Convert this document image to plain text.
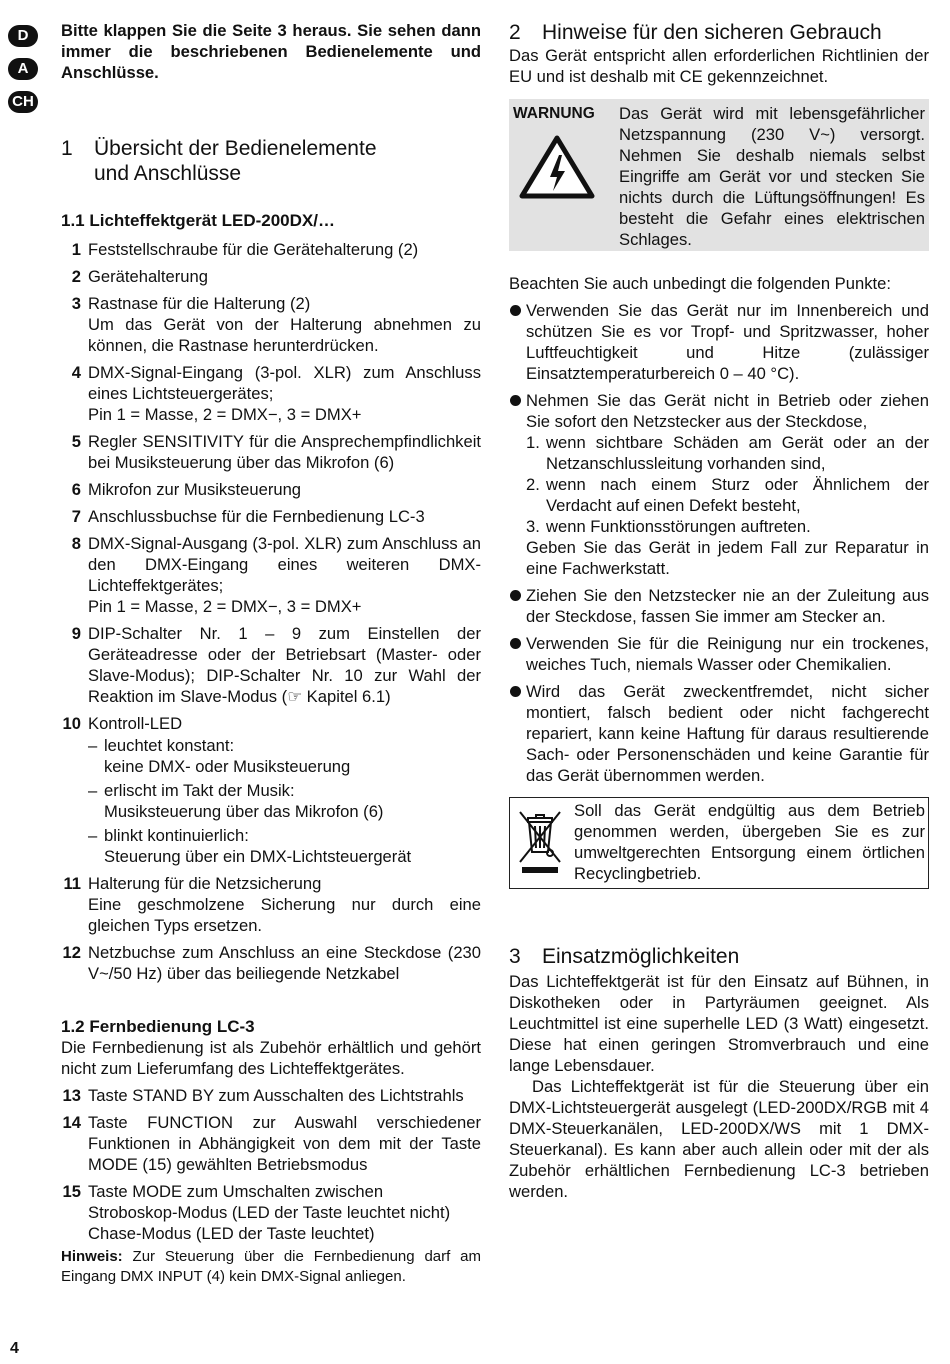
D
A
CH

Bitte klappen Sie die Seite 3 heraus. Sie sehen dann immer die beschriebenen Bedienelemente und Anschlüsse.

1 Übersicht der Bedienelemente
und Anschlüsse
1.1 Lichteffektgerät LED-200DX/…
1 Feststellschraube für die Gerätehalterung (2)

2 Gerätehalterung

3 Rastnase für die Halterung (2)

Um das Gerät von der Halterung abnehmen zu können, die Rastnase herunterdrücken.

4 DMX-Signal-Eingang (3-pol. XLR) zum Anschluss eines Lichtsteuergerätes;

Pin 1 = Masse, 2 = DMX−, 3 = DMX+

5 Regler SENSITIVITY für die Ansprechempfindlichkeit bei Musiksteuerung über das Mikrofon (6)

6 Mikrofon zur Musiksteuerung

7 Anschlussbuchse für die Fernbedienung LC-3

8 DMX-Signal-Ausgang (3-pol. XLR) zum Anschluss an den DMX-Eingang eines weiteren DMX-Lichteffektgerätes;

Pin 1 = Masse, 2 = DMX−, 3 = DMX+

9 DIP-Schalter Nr. 1 – 9 zum Einstellen der Geräteadresse oder der Betriebsart (Master- oder Slave-Modus); DIP-Schalter Nr. 10 zur Wahl der Reaktion im Slave-Modus (☞ Kapitel 6.1)

10 Kontroll-LED

– leuchtet konstant:

keine DMX- oder Musiksteuerung

– erlischt im Takt der Musik:

Musiksteuerung über das Mikrofon (6)

– blinkt kontinuierlich:

Steuerung über ein DMX-Lichtsteuergerät

11 Halterung für die Netzsicherung

Eine geschmolzene Sicherung nur durch eine gleichen Typs ersetzen.

12 Netzbuchse zum Anschluss an eine Steckdose (230 V~/50 Hz) über das beiliegende Netzkabel

1.2 Fernbedienung LC-3

Die Fernbedienung ist als Zubehör erhältlich und gehört nicht zum Lieferumfang des Lichteffektgerätes.

13 Taste STAND BY zum Ausschalten des Lichtstrahls

14 Taste FUNCTION zur Auswahl verschiedener Funktionen in Abhängigkeit von dem mit der Taste MODE (15) gewählten Betriebsmodus

15 Taste MODE zum Umschalten zwischen

Stroboskop-Modus (LED der Taste leuchtet nicht)

Chase-Modus (LED der Taste leuchtet)

Hinweis: Zur Steuerung über die Fernbedienung darf am Eingang DMX INPUT (4) kein DMX-Signal anliegen.

2 Hinweise für den sicheren Gebrauch

Das Gerät entspricht allen erforderlichen Richtlinien der EU und ist deshalb mit CE gekennzeichnet.

WARNUNG Das Gerät wird mit lebensgefährlicher Netzspannung (230 V~) versorgt. Nehmen Sie deshalb niemals selbst Eingriffe am Gerät vor und stecken Sie nichts durch die Lüftungsöffnungen! Es besteht die Gefahr eines elektrischen Schlages.

Beachten Sie auch unbedingt die folgenden Punkte:

Verwenden Sie das Gerät nur im Innenbereich und schützen Sie es vor Tropf- und Spritzwasser, hoher Luftfeuchtigkeit und Hitze (zulässiger Einsatztemperaturbereich 0 – 40 °C).

Nehmen Sie das Gerät nicht in Betrieb oder ziehen Sie sofort den Netzstecker aus der Steckdose,

1. wenn sichtbare Schäden am Gerät oder an der Netzanschlussleitung vorhanden sind,

2. wenn nach einem Sturz oder Ähnlichem der Verdacht auf einen Defekt besteht,

3. wenn Funktionsstörungen auftreten.

Geben Sie das Gerät in jedem Fall zur Reparatur in eine Fachwerkstatt.

Ziehen Sie den Netzstecker nie an der Zuleitung aus der Steckdose, fassen Sie immer am Stecker an.

Verwenden Sie für die Reinigung nur ein trockenes, weiches Tuch, niemals Wasser oder Chemikalien.

Wird das Gerät zweckentfremdet, nicht sicher montiert, falsch bedient oder nicht fachgerecht repariert, kann keine Haftung für daraus resultierende Sach- oder Personenschäden und keine Garantie für das Gerät übernommen werden.

Soll das Gerät endgültig aus dem Betrieb genommen werden, übergeben Sie es zur umweltgerechten Entsorgung einem örtlichen Recyclingbetrieb.

3 Einsatzmöglichkeiten

Das Lichteffektgerät ist für den Einsatz auf Bühnen, in Diskotheken oder in Partyräumen geeignet. Als Leuchtmittel ist eine superhelle LED (3 Watt) eingesetzt. Diese hat einen geringen Stromverbrauch und eine lange Lebensdauer.

Das Lichteffektgerät ist für die Steuerung über ein DMX-Lichtsteuergerät ausgelegt (LED-200DX/RGB mit 4 DMX-Steuerkanälen, LED-200DX/WS mit 1 DMX-Steuerkanal). Es kann aber auch allein oder mit der als Zubehör erhältlichen Fernbedienung LC-3 betrieben werden.

4
